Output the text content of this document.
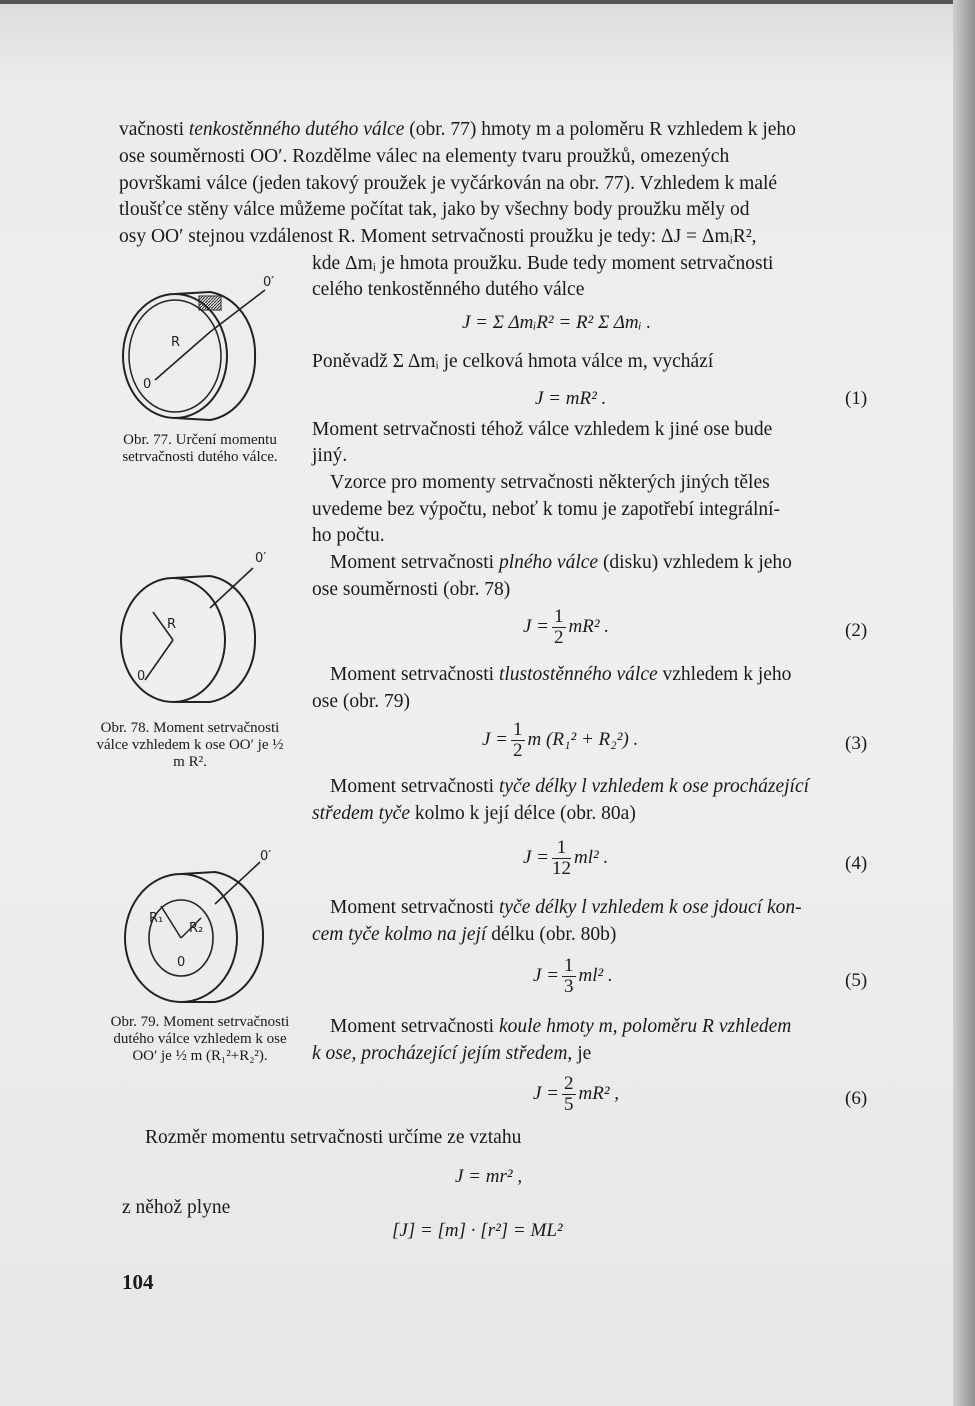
vačnosti tenkostěnného dutého válce (obr. 77) hmoty m a poloměru R vzhledem k jeho
ose souměrnosti OO′. Rozdělme válec na elementy tvaru proužků, omezených
površkami válce (jeden takový proužek je vyčárkován na obr. 77). Vzhledem k malé
tloušťce stěny válce můžeme počítat tak, jako by všechny body proužku měly od
osy OO′ stejnou vzdálenost R. Moment setrvačnosti proužku je tedy: ΔJ = ΔmᵢR²,
kde Δmᵢ je hmota proužku. Bude tedy moment setrvačnosti
celého tenkostěnného dutého válce
J = Σ ΔmᵢR² = R² Σ Δmᵢ .
Poněvadž Σ Δmᵢ je celková hmota válce m, vychází
J = mR² .	(1)
Moment setrvačnosti téhož válce vzhledem k jiné ose bude
jiný.
Vzorce pro momenty setrvačnosti některých jiných těles
uvedeme bez výpočtu, neboť k tomu je zapotřebí integrální-
ho počtu.
Moment setrvačnosti plného válce (disku) vzhledem k jeho
ose souměrnosti (obr. 78)
$J = \frac{1}{2} mR^2$ .	(2)
Moment setrvačnosti tlustostěnného válce vzhledem k jeho
ose (obr. 79)
$J = \frac{1}{2}$ m (R₁² + R₂²) .	(3)
Moment setrvačnosti tyče délky l vzhledem k ose procházející
středem tyče kolmo k její délce (obr. 80a)
$J = \frac{1}{12} ml^2$ .	(4)
Moment setrvačnosti tyče délky l vzhledem k ose jdoucí kon-
cem tyče kolmo na její délku (obr. 80b)
$J = \frac{1}{3} ml^2$ .	(5)
Moment setrvačnosti koule hmoty m, poloměru R vzhledem
k ose, procházející jejím středem, je
$J = \frac{2}{5} mR^2$ ,	(6)
Rozměr momentu setrvačnosti určíme ze vztahu
J = mr² ,
z něhož plyne
[J] = [m] · [r²] = ML²
0′
R
0
Obr. 77. Určení momentu setrvačnosti dutého válce.
0′
R
0
Obr. 78. Moment setrvačnosti válce vzhledem k ose OO′ je ½ m R².
0′
R₁
R₂
0
Obr. 79. Moment setrvačnosti dutého válce vzhledem k ose OO′ je ½ m (R₁²+R₂²).
104
